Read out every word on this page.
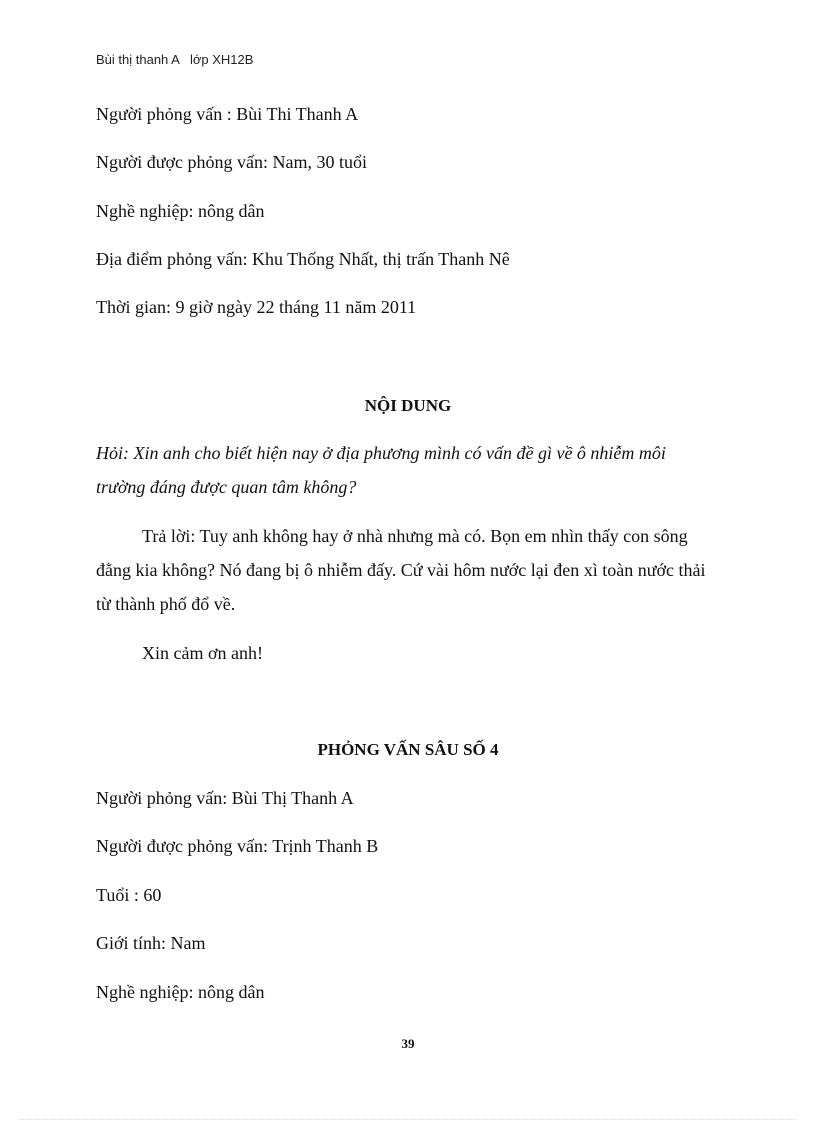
Bùi thị thanh A   lớp XH12B
Người phỏng vấn : Bùi Thi Thanh A
Người được phỏng vấn: Nam, 30 tuổi
Nghề nghiệp: nông dân
Địa điểm phỏng vấn: Khu Thống Nhất, thị trấn Thanh Nê
Thời gian: 9 giờ ngày 22 tháng 11 năm 2011
NỘI DUNG
Hỏi: Xin anh cho biết hiện nay ở địa phương mình có vấn đề gì về ô nhiễm môi trường đáng được quan tâm không?
Trả lời: Tuy anh không hay ở nhà nhưng mà có. Bọn em nhìn thấy con sông đằng kia không? Nó đang bị ô nhiễm đấy. Cứ vài hôm nước lại đen xì toàn nước thải từ thành phố đổ về.
Xin cảm ơn anh!
PHỎNG VẤN SÂU SỐ 4
Người phỏng vấn: Bùi Thị Thanh A
Người được phỏng vấn: Trịnh Thanh B
Tuổi : 60
Giới tính: Nam
Nghề nghiệp: nông dân
39
